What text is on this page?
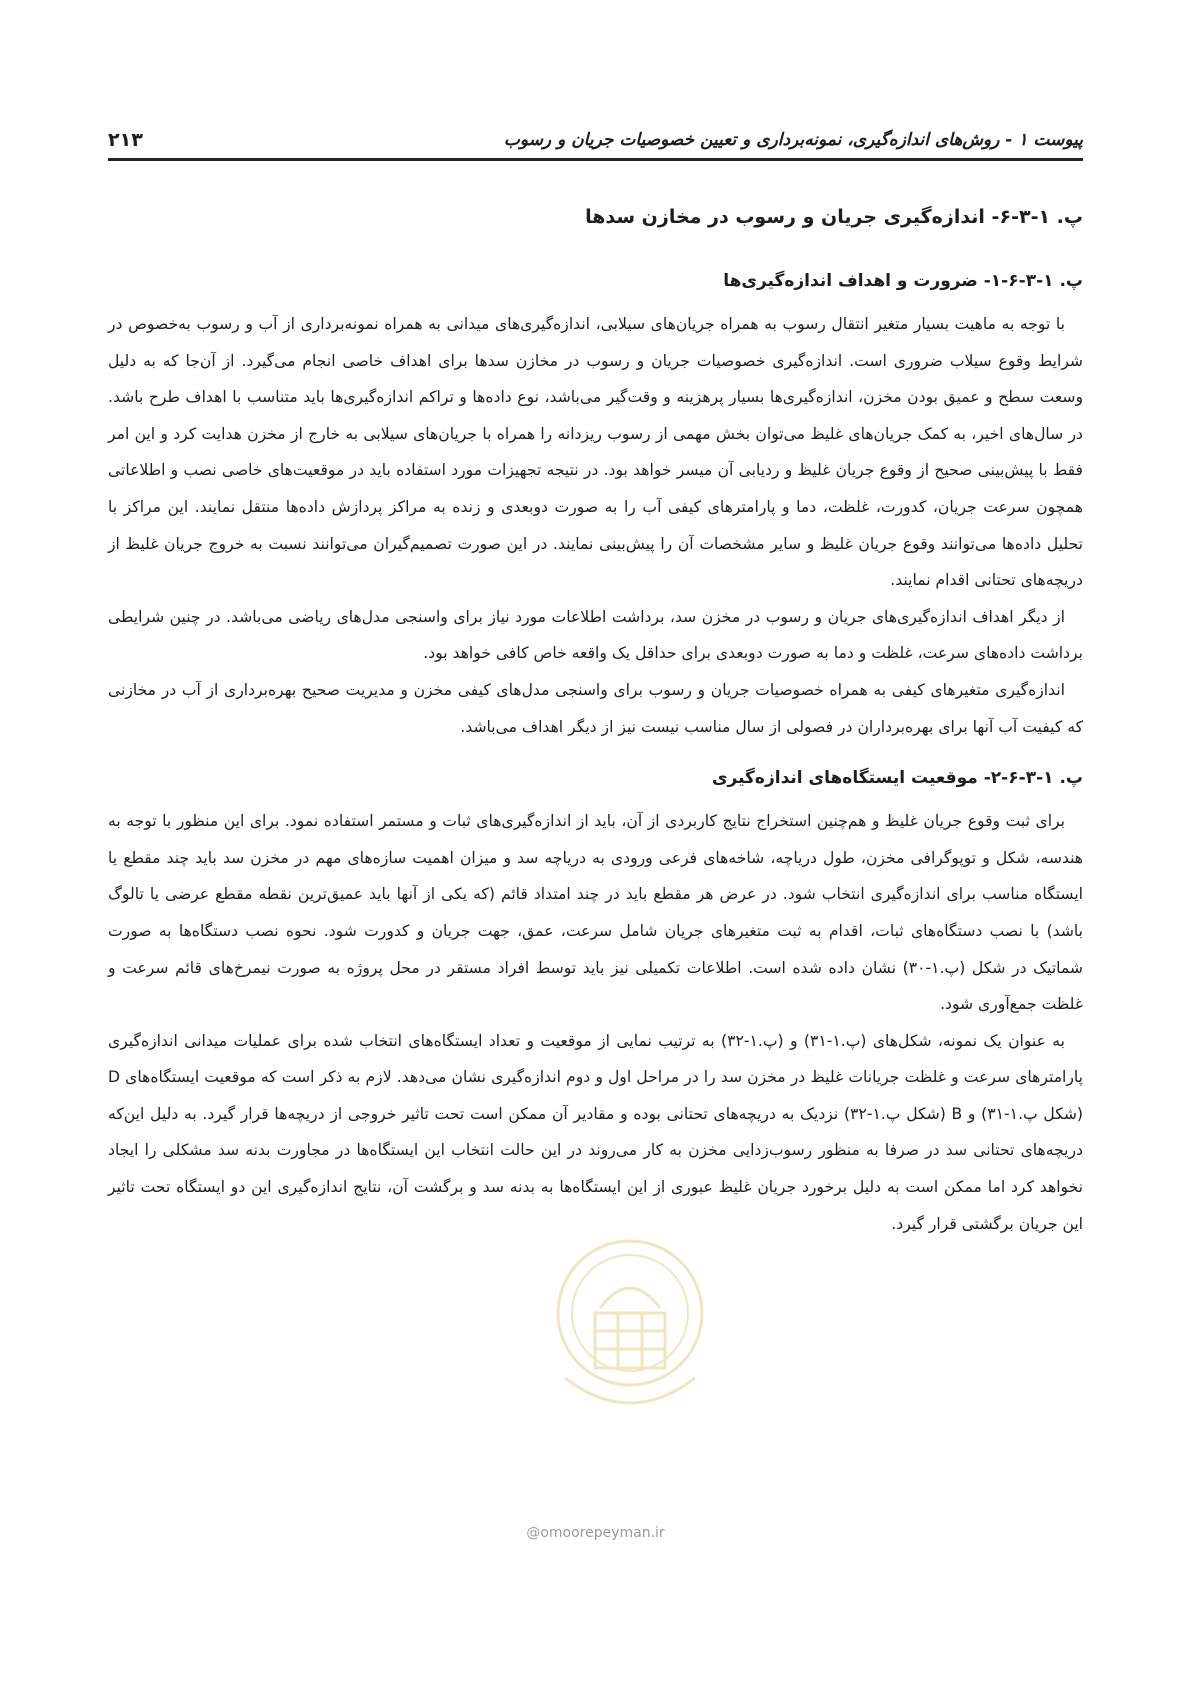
پیوست ۱ - روش‌های اندازه‌گیری، نمونه‌برداری و تعیین خصوصیات جریان و رسوب
۲۱۳
پ. ۱-۳-۶- اندازه‌گیری جریان و رسوب در مخازن سدها
پ. ۱-۳-۶-۱- ضرورت و اهداف اندازه‌گیری‌ها

با توجه به ماهیت بسیار متغیر انتقال رسوب به همراه جریان‌های سیلابی، اندازه‌گیری‌های میدانی به همراه نمونه‌برداری از آب و رسوب به‌خصوص در شرایط وقوع سیلاب ضروری است. اندازه‌گیری خصوصیات جریان و رسوب در مخازن سدها برای اهداف خاصی انجام می‌گیرد. از آن‌جا که به دلیل وسعت سطح و عمیق بودن مخزن، اندازه‌گیری‌ها بسیار پرهزینه و وقت‌گیر می‌باشد، نوع داده‌ها و تراکم اندازه‌گیری‌ها باید متناسب با اهداف طرح باشد. در سال‌های اخیر، به کمک جریان‌های غلیظ می‌توان بخش مهمی از رسوب ریزدانه را همراه با جریان‌های سیلابی به خارج از مخزن هدایت کرد و این امر فقط با پیش‌بینی صحیح از وقوع جریان غلیظ و ردیابی آن میسر خواهد بود. در نتیجه تجهیزات مورد استفاده باید در موقعیت‌های خاصی نصب و اطلاعاتی همچون سرعت جریان، کدورت، غلظت، دما و پارامترهای کیفی آب را به صورت دوبعدی و زنده به مراکز پردازش داده‌ها منتقل نمایند. این مراکز با تحلیل داده‌ها می‌توانند وقوع جریان غلیظ و سایر مشخصات آن را پیش‌بینی نمایند. در این صورت تصمیم‌گیران می‌توانند نسبت به خروج جریان غلیظ از دریچه‌های تحتانی اقدام نمایند.

از دیگر اهداف اندازه‌گیری‌های جریان و رسوب در مخزن سد، برداشت اطلاعات مورد نیاز برای واسنجی مدل‌های ریاضی می‌باشد. در چنین شرایطی برداشت داده‌های سرعت، غلظت و دما به صورت دوبعدی برای حداقل یک واقعه خاص کافی خواهد بود.

اندازه‌گیری متغیرهای کیفی به همراه خصوصیات جریان و رسوب برای واسنجی مدل‌های کیفی مخزن و مدیریت صحیح بهره‌برداری از آب در مخازنی که کیفیت آب آنها برای بهره‌برداران در فصولی از سال مناسب نیست نیز از دیگر اهداف می‌باشد.

پ. ۱-۳-۶-۲- موقعیت ایستگاه‌های اندازه‌گیری

برای ثبت وقوع جریان غلیظ و هم‌چنین استخراج نتایج کاربردی از آن، باید از اندازه‌گیری‌های ثبات و مستمر استفاده نمود. برای این منظور با توجه به هندسه، شکل و توپوگرافی مخزن، طول دریاچه، شاخه‌های فرعی ورودی به دریاچه سد و میزان اهمیت سازه‌های مهم در مخزن سد باید چند مقطع یا ایستگاه مناسب برای اندازه‌گیری انتخاب شود. در عرض هر مقطع باید در چند امتداد قائم (که یکی از آنها باید عمیق‌ترین نقطه مقطع عرضی یا تالوگ باشد) با نصب دستگاه‌های ثبات، اقدام به ثبت متغیرهای جریان شامل سرعت، عمق، جهت جریان و کدورت شود. نحوه نصب دستگاه‌ها به صورت شماتیک در شکل (پ.۱-۳۰) نشان داده شده است. اطلاعات تکمیلی نیز باید توسط افراد مستقر در محل پروژه به صورت نیمرخ‌های قائم سرعت و غلظت جمع‌آوری شود.

به عنوان یک نمونه، شکل‌های (پ.۱-۳۱) و (پ.۱-۳۲) به ترتیب نمایی از موقعیت و تعداد ایستگاه‌های انتخاب شده برای عملیات میدانی اندازه‌گیری پارامترهای سرعت و غلظت جریانات غلیظ در مخزن سد را در مراحل اول و دوم اندازه‌گیری نشان می‌دهد. لازم به ذکر است که موقعیت ایستگاه‌های D (شکل پ.۱-۳۱) و B (شکل پ.۱-۳۲) نزدیک به دریچه‌های تحتانی بوده و مقادیر آن ممکن است تحت تاثیر خروجی از دریچه‌ها قرار گیرد. به دلیل این‌که دریچه‌های تحتانی سد در صرفا به منظور رسوب‌زدایی مخزن به کار می‌روند در این حالت انتخاب این ایستگاه‌ها در مجاورت بدنه سد مشکلی را ایجاد نخواهد کرد اما ممکن است به دلیل برخورد جریان غلیظ عبوری از این ایستگاه‌ها به بدنه سد و برگشت آن، نتایج اندازه‌گیری این دو ایستگاه تحت تاثیر این جریان برگشتی قرار گیرد.

@omoorepeyman.ir
